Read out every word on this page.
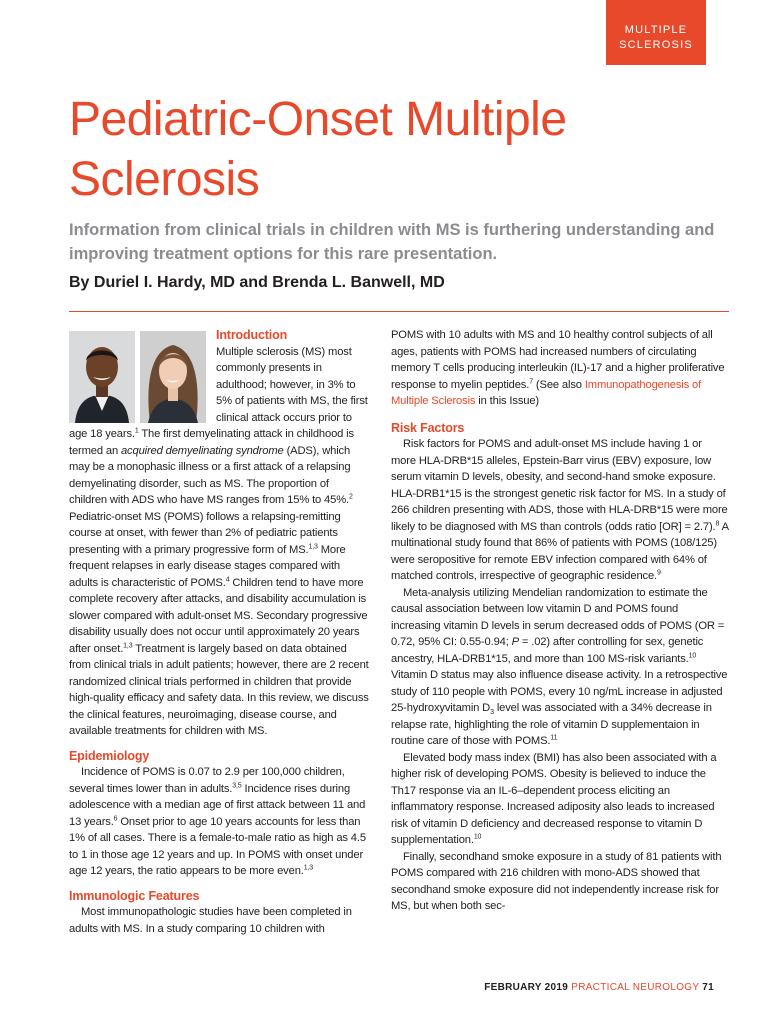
MULTIPLE
SCLEROSIS
Pediatric-Onset Multiple Sclerosis

Information from clinical trials in children with MS is furthering understanding and improving treatment options for this rare presentation.

By Duriel I. Hardy, MD and Brenda L. Banwell, MD

Introduction

Multiple sclerosis (MS) most commonly presents in adulthood; however, in 3% to 5% of patients with MS, the first clinical attack occurs prior to age 18 years.$^1$ The first demyelinating attack in childhood is termed an acquired demyelinating syndrome (ADS), which may be a monophasic illness or a first attack of a relapsing demyelinating disorder, such as MS. The proportion of children with ADS who have MS ranges from 15% to 45%.$^2$ Pediatric-onset MS (POMS) follows a relapsing-remitting course at onset, with fewer than 2% of pediatric patients presenting with a primary progressive form of MS.$^{1,3}$ More frequent relapses in early disease stages compared with adults is characteristic of POMS.$^4$ Children tend to have more complete recovery after attacks, and disability accumulation is slower compared with adult-onset MS. Secondary progressive disability usually does not occur until approximately 20 years after onset.$^{1,3}$ Treatment is largely based on data obtained from clinical trials in adult patients; however, there are 2 recent randomized clinical trials performed in children that provide high-quality efficacy and safety data. In this review, we discuss the clinical features, neuroimaging, disease course, and available treatments for children with MS.

Epidemiology

Incidence of POMS is 0.07 to 2.9 per 100,000 children, several times lower than in adults.$^{3,5}$ Incidence rises during adolescence with a median age of first attack between 11 and 13 years.$^6$ Onset prior to age 10 years accounts for less than 1% of all cases. There is a female-to-male ratio as high as 4.5 to 1 in those age 12 years and up. In POMS with onset under age 12 years, the ratio appears to be more even.$^{1,3}$

Immunologic Features

Most immunopathologic studies have been completed in adults with MS. In a study comparing 10 children with

POMS with 10 adults with MS and 10 healthy control subjects of all ages, patients with POMS had increased numbers of circulating memory T cells producing interleukin (IL)-17 and a higher proliferative response to myelin peptides.$^7$ (See also Immunopathogenesis of Multiple Sclerosis in this Issue)

Risk Factors

Risk factors for POMS and adult-onset MS include having 1 or more HLA-DRB*15 alleles, Epstein-Barr virus (EBV) exposure, low serum vitamin D levels, obesity, and second-hand smoke exposure. HLA-DRB1*15 is the strongest genetic risk factor for MS. In a study of 266 children presenting with ADS, those with HLA-DRB*15 were more likely to be diagnosed with MS than controls (odds ratio [OR] = 2.7).$^8$ A multinational study found that 86% of patients with POMS (108/125) were seropositive for remote EBV infection compared with 64% of matched controls, irrespective of geographic residence.$^9$

Meta-analysis utilizing Mendelian randomization to estimate the causal association between low vitamin D and POMS found increasing vitamin D levels in serum decreased odds of POMS (OR = 0.72, 95% CI: 0.55-0.94; P = .02) after controlling for sex, genetic ancestry, HLA-DRB1*15, and more than 100 MS-risk variants.$^{10}$ Vitamin D status may also influence disease activity. In a retrospective study of 110 people with POMS, every 10 ng/mL increase in adjusted 25-hydroxyvitamin $D_3$ level was associated with a 34% decrease in relapse rate, highlighting the role of vitamin D supplementaion in routine care of those with POMS.$^{11}$

Elevated body mass index (BMI) has also been associated with a higher risk of developing POMS. Obesity is believed to induce the Th17 response via an IL-6–dependent process eliciting an inflammatory response. Increased adiposity also leads to increased risk of vitamin D deficiency and decreased response to vitamin D supplementation.$^{10}$

Finally, secondhand smoke exposure in a study of 81 patients with POMS compared with 216 children with mono-ADS showed that secondhand smoke exposure did not independently increase risk for MS, but when both sec-

FEBRUARY 2019 PRACTICAL NEUROLOGY 71
